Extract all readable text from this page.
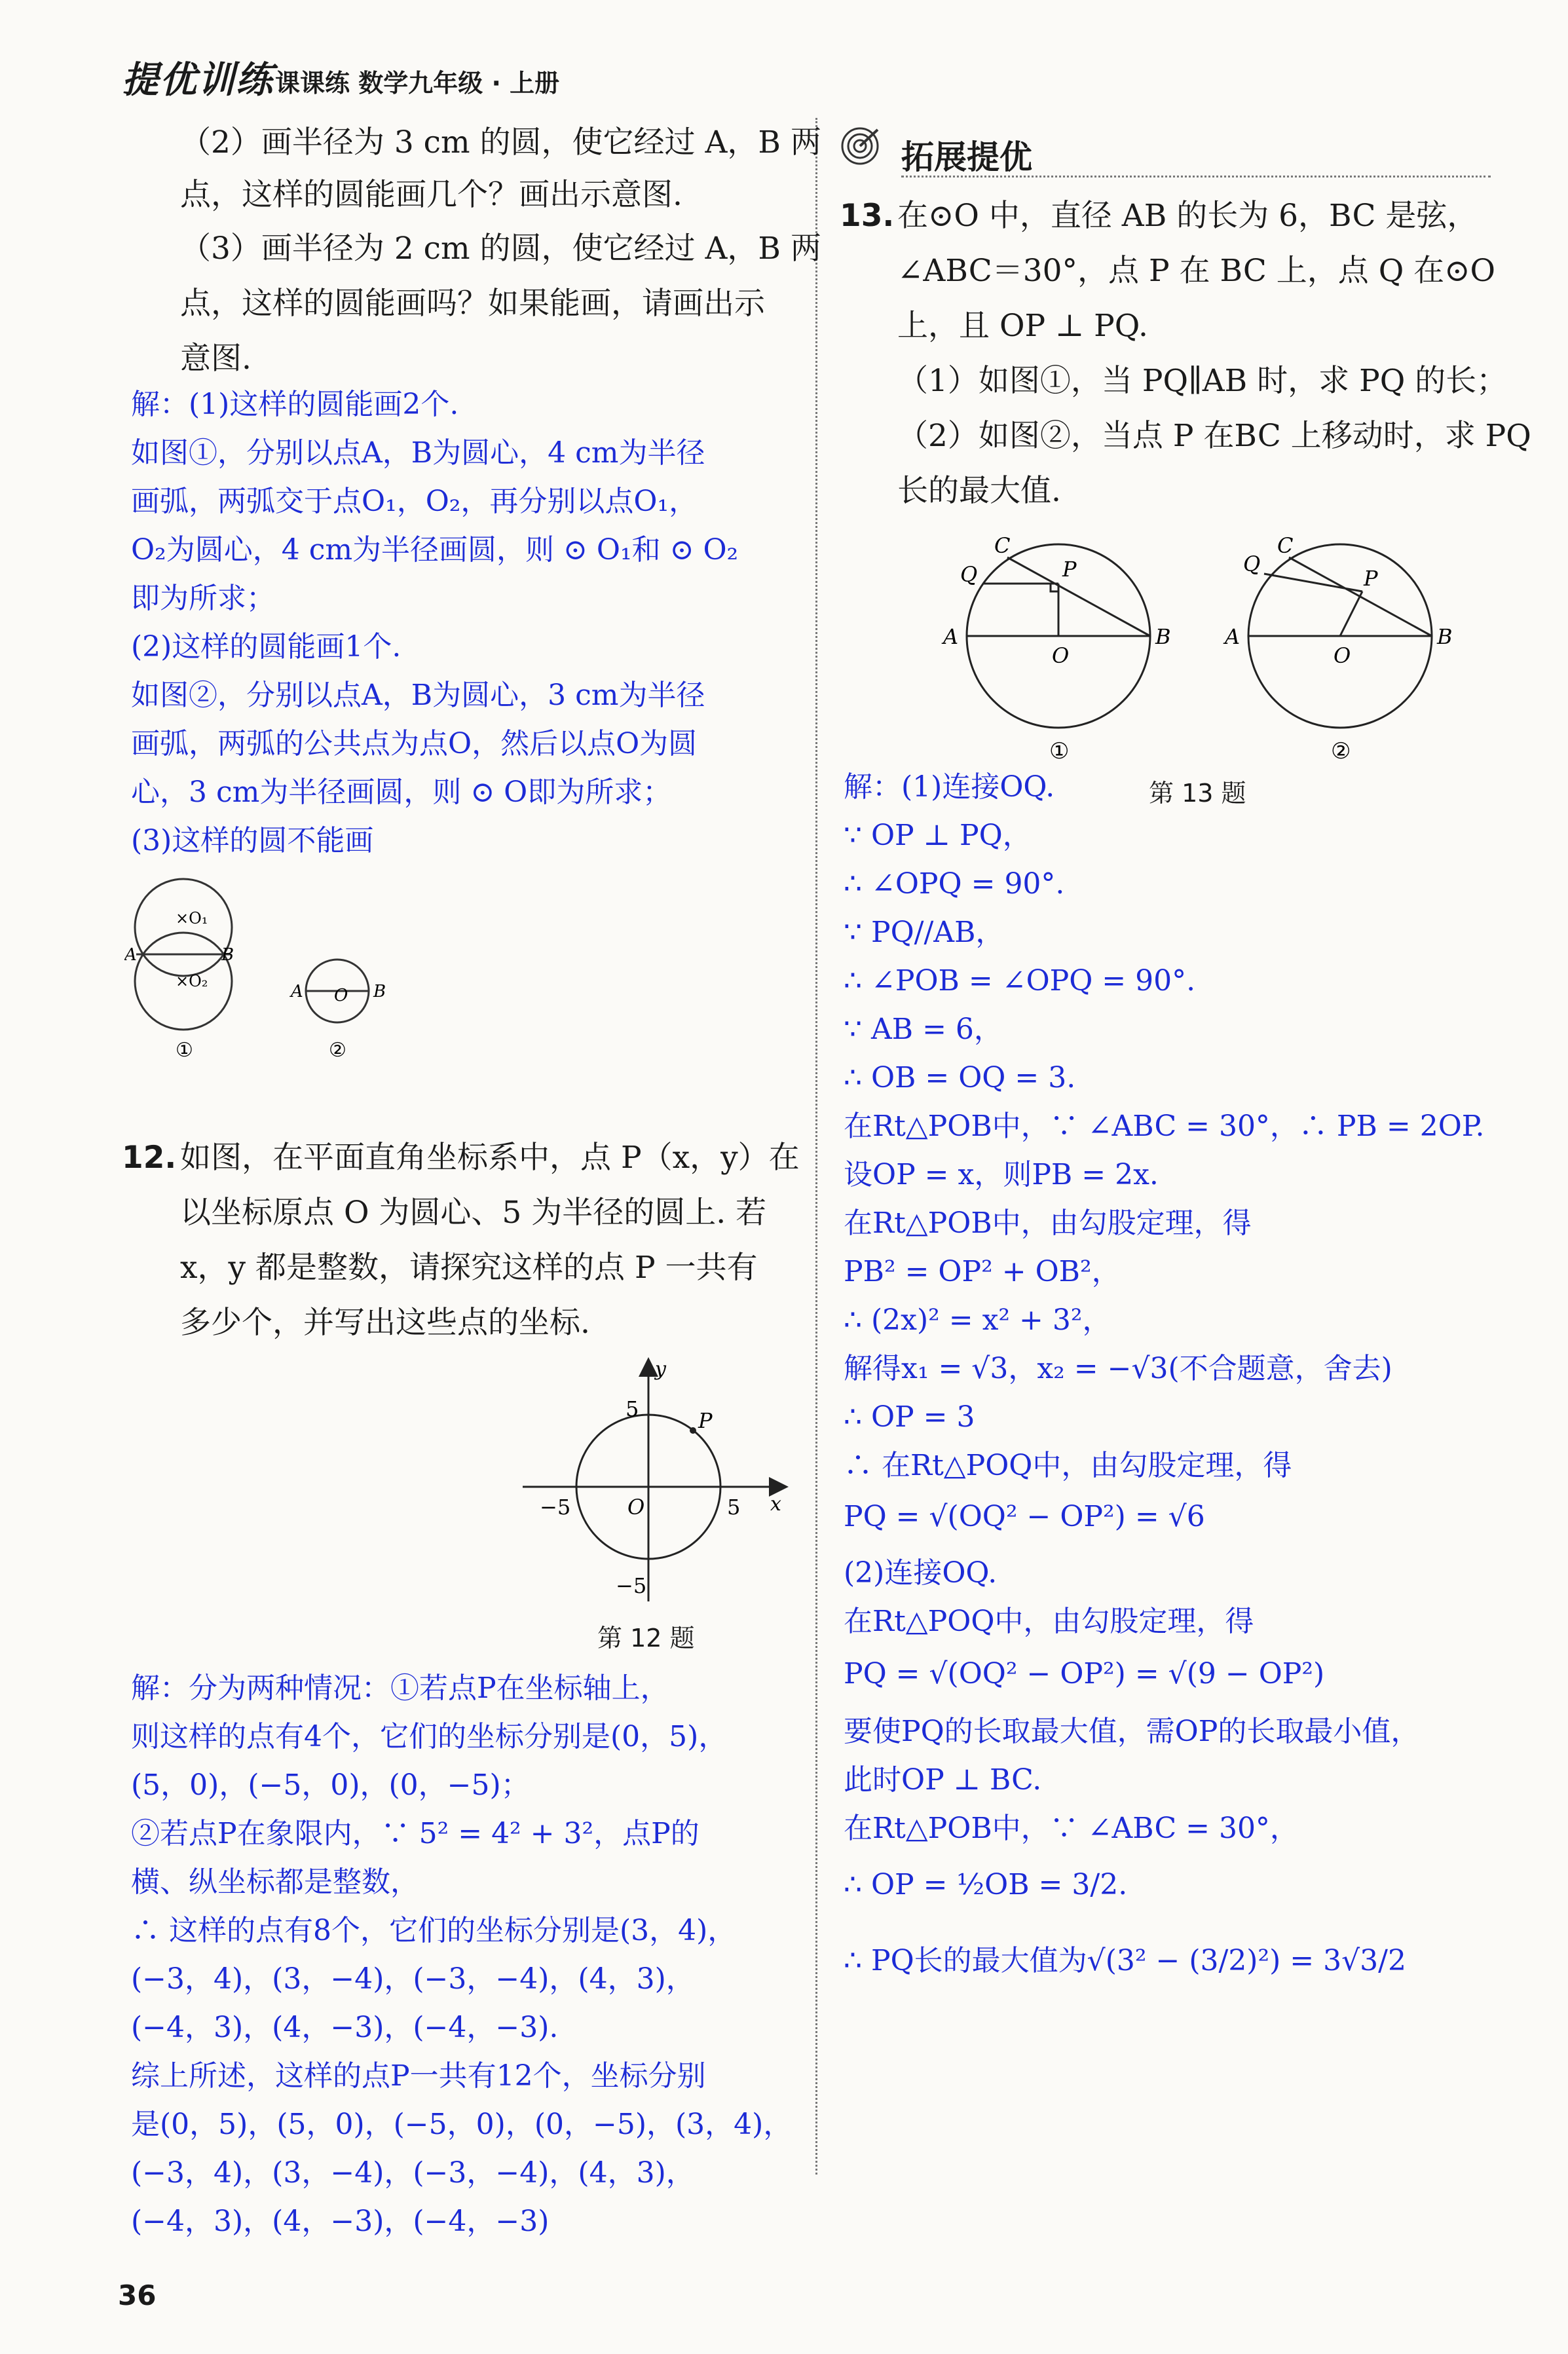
提优训练 课课练 数学九年级 · 上册
（2）画半径为 3 cm 的圆，使它经过 A，B 两
点，这样的圆能画几个？画出示意图.
（3）画半径为 2 cm 的圆，使它经过 A，B 两
点，这样的圆能画吗？如果能画，请画出示
意图.
解：(1)这样的圆能画2个.
如图①，分别以点A，B为圆心，4 cm为半径
画弧，两弧交于点O₁，O₂，再分别以点O₁，
O₂为圆心，4 cm为半径画圆，则 ⊙ O₁和 ⊙ O₂
即为所求；
(2)这样的圆能画1个.
如图②，分别以点A，B为圆心，3 cm为半径
画弧，两弧的公共点为点O，然后以点O为圆
心，3 cm为半径画圆，则 ⊙ O即为所求；
(3)这样的圆不能画
×O₁
×O₂
A	B
A	B
O
①	②
12. 如图，在平面直角坐标系中，点 P（x，y）在
以坐标原点 O 为圆心、5 为半径的圆上. 若
x，y 都是整数，请探究这样的点 P 一共有
多少个，并写出这些点的坐标.
y
x
5
5
−5
−5
O
P
第 12 题
解：分为两种情况：①若点P在坐标轴上，
则这样的点有4个，它们的坐标分别是(0，5)，
(5，0)，(−5，0)，(0，−5)；
②若点P在象限内，∵ 5² = 4² + 3²，点P的
横、纵坐标都是整数，
∴ 这样的点有8个，它们的坐标分别是(3，4)，
(−3，4)，(3，−4)，(−3，−4)，(4，3)，
(−4，3)，(4，−3)，(−4，−3).
综上所述，这样的点P一共有12个，坐标分别
是(0，5)，(5，0)，(−5，0)，(0，−5)，(3，4)，
(−3，4)，(3，−4)，(−3，−4)，(4，3)，
(−4，3)，(4，−3)，(−4，−3)
拓展提优
13. 在⊙O 中，直径 AB 的长为 6，BC 是弦，
∠ABC＝30°，点 P 在 BC 上，点 Q 在⊙O
上，且 OP ⊥ PQ.
（1）如图①，当 PQ∥AB 时，求 PQ 的长；
（2）如图②，当点 P 在BC 上移动时，求 PQ
长的最大值.
A	B
C
Q	P
O
A	B
C
Q
P
O
①	②
解：(1)连接OQ.	第 13 题
∵ OP ⊥ PQ，
∴ ∠OPQ = 90°.
∵ PQ//AB，
∴ ∠POB = ∠OPQ = 90°.
∵ AB = 6，
∴ OB = OQ = 3.
在Rt△POB中，∵ ∠ABC = 30°，∴ PB = 2OP.
设OP = x，则PB = 2x.
在Rt△POB中，由勾股定理，得
PB² = OP² + OB²，
∴ (2x)² = x² + 3²，
解得x₁ = √3，x₂ = −√3(不合题意，舍去)
∴ OP = 3
∴ 在Rt△POQ中，由勾股定理，得
PQ = √(OQ² − OP²) = √6
(2)连接OQ.
在Rt△POQ中，由勾股定理，得
PQ = √(OQ² − OP²) = √(9 − OP²)
要使PQ的长取最大值，需OP的长取最小值，
此时OP ⊥ BC.
在Rt△POB中，∵ ∠ABC = 30°，
∴ OP = ½OB = 3/2.
∴ PQ长的最大值为√(3² − (3/2)²) = 3√3/2
36
